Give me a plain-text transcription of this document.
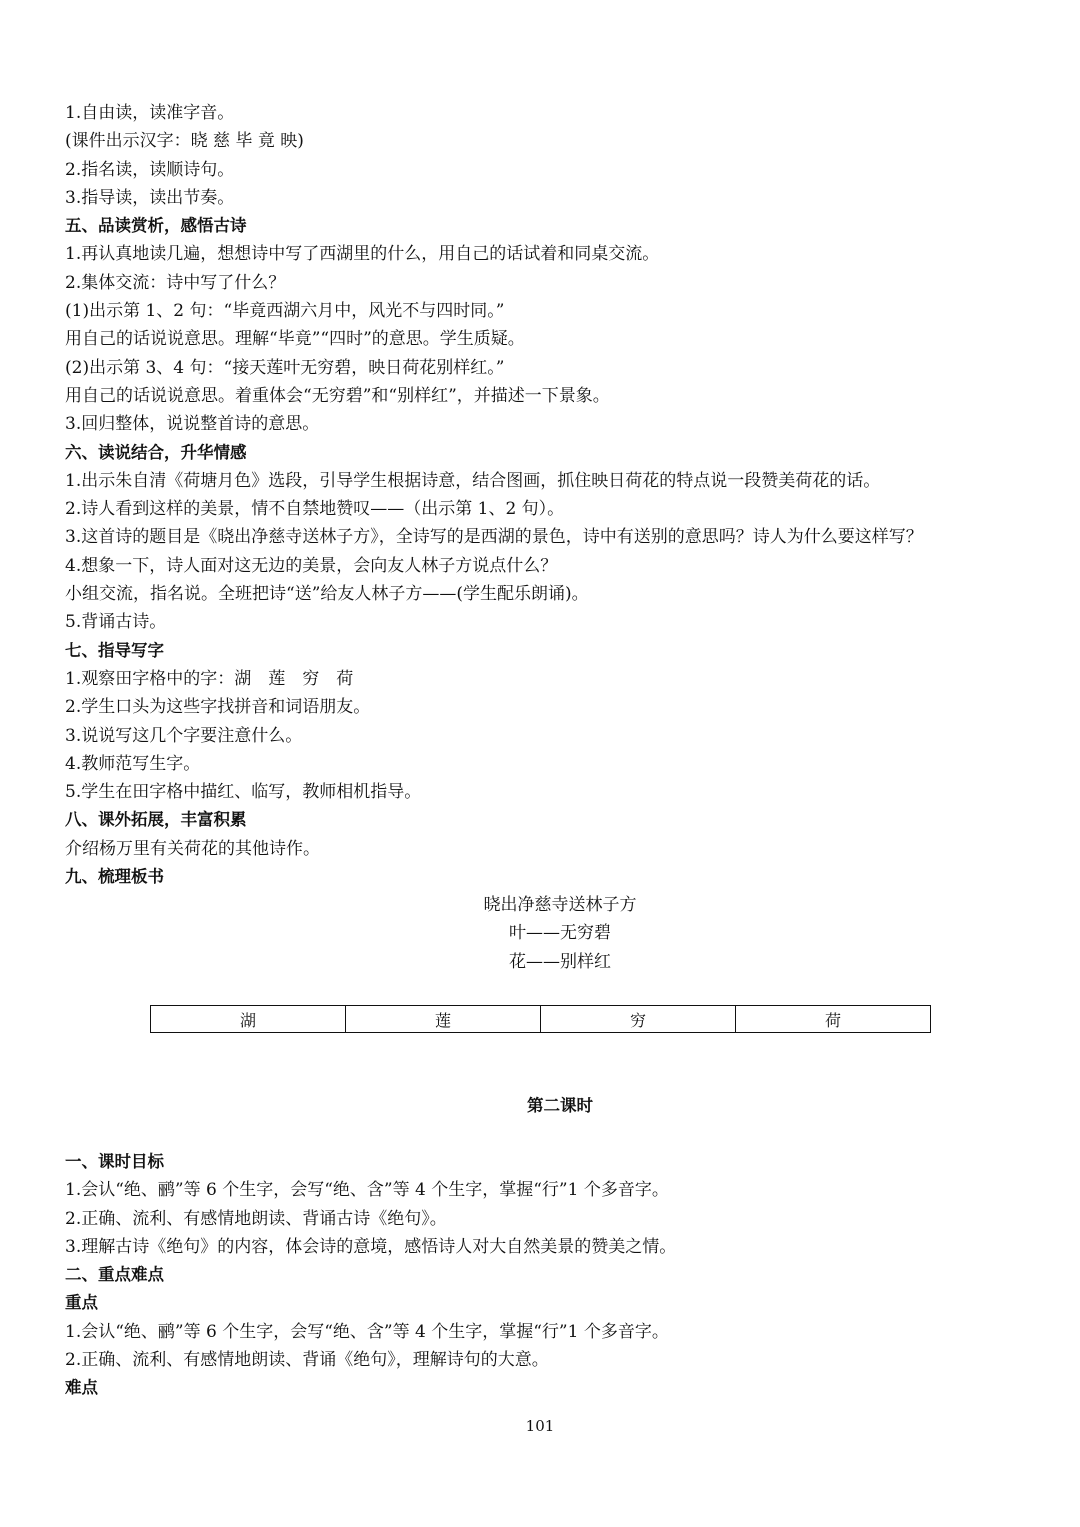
1.自由读，读准字音。
(课件出示汉字：晓 慈 毕 竟 映)
2.指名读，读顺诗句。
3.指导读，读出节奏。
五、品读赏析，感悟古诗
1.再认真地读几遍，想想诗中写了西湖里的什么，用自己的话试着和同桌交流。
2.集体交流：诗中写了什么？
(1)出示第 1、2 句：“毕竟西湖六月中，风光不与四时同。”
用自己的话说说意思。理解“毕竟”“四时”的意思。学生质疑。
(2)出示第 3、4 句：“接天莲叶无穷碧，映日荷花别样红。”
用自己的话说说意思。着重体会“无穷碧”和“别样红”，并描述一下景象。
3.回归整体，说说整首诗的意思。
六、读说结合，升华情感
1.出示朱自清《荷塘月色》选段，引导学生根据诗意，结合图画，抓住映日荷花的特点说一段赞美荷花的话。
2.诗人看到这样的美景，情不自禁地赞叹——（出示第 1、2 句）。
3.这首诗的题目是《晓出净慈寺送林子方》，全诗写的是西湖的景色，诗中有送别的意思吗？诗人为什么要这样写？
4.想象一下，诗人面对这无边的美景，会向友人林子方说点什么？
小组交流，指名说。全班把诗“送”给友人林子方——(学生配乐朗诵)。
5.背诵古诗。
七、指导写字
1.观察田字格中的字：湖　莲　穷　荷
2.学生口头为这些字找拼音和词语朋友。
3.说说写这几个字要注意什么。
4.教师范写生字。
5.学生在田字格中描红、临写，教师相机指导。
八、课外拓展，丰富积累
介绍杨万里有关荷花的其他诗作。
九、梳理板书
晓出净慈寺送林子方
叶——无穷碧
花——别样红
湖	莲	穷	荷
第二课时
一、课时目标
1.会认“绝、鹂”等 6 个生字，会写“绝、含”等 4 个生字，掌握“行”1 个多音字。
2.正确、流利、有感情地朗读、背诵古诗《绝句》。
3.理解古诗《绝句》的内容，体会诗的意境，感悟诗人对大自然美景的赞美之情。
二、重点难点
重点
1.会认“绝、鹂”等 6 个生字，会写“绝、含”等 4 个生字，掌握“行”1 个多音字。
2.正确、流利、有感情地朗读、背诵《绝句》，理解诗句的大意。
难点
101
